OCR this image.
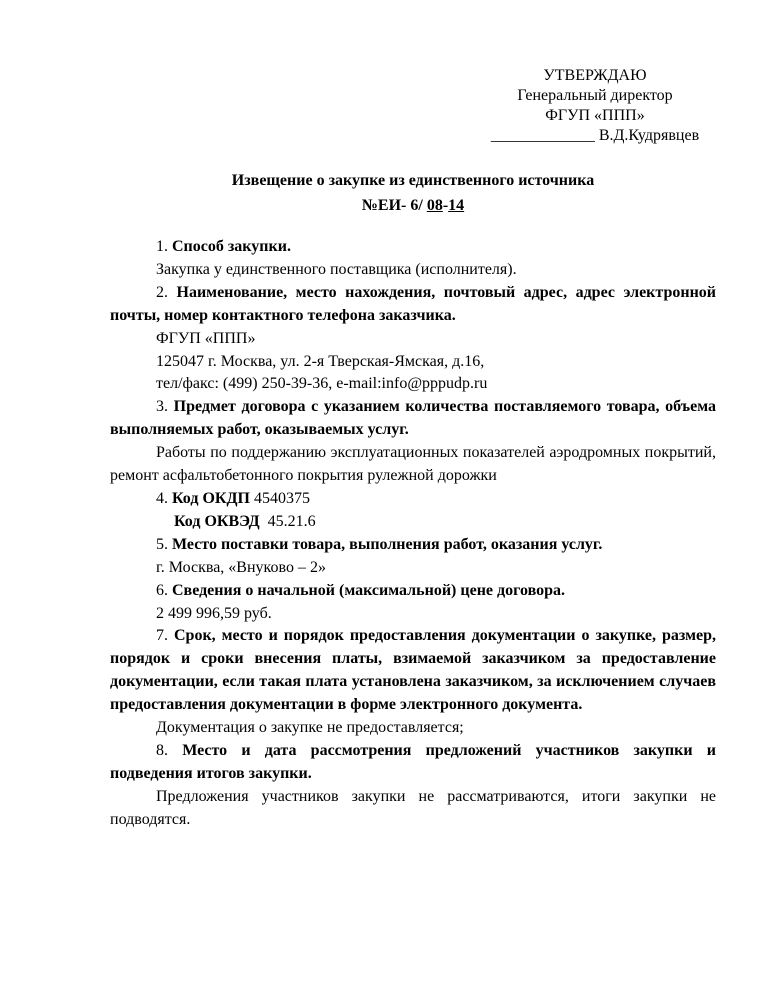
УТВЕРЖДАЮ
Генеральный директор
ФГУП «ППП»
_____________ В.Д.Кудрявцев
Извещение о закупке из единственного источника
№ЕИ- 6/ 08-14

1. Способ закупки.

Закупка у единственного поставщика (исполнителя).

2. Наименование, место нахождения, почтовый адрес, адрес электронной почты, номер контактного телефона заказчика.

ФГУП «ППП»

125047 г. Москва, ул. 2-я Тверская-Ямская, д.16,

тел/факс: (499) 250-39-36, e-mail:info@pppudp.ru

3. Предмет договора с указанием количества поставляемого товара, объема выполняемых работ, оказываемых услуг.

Работы по поддержанию эксплуатационных показателей аэродромных покрытий, ремонт асфальтобетонного покрытия рулежной дорожки

4. Код ОКДП 4540375

Код ОКВЭД  45.21.6

5. Место поставки товара, выполнения работ, оказания услуг.

г. Москва, «Внуково – 2»

6. Сведения о начальной (максимальной) цене договора.

2 499 996,59 руб.

7. Срок, место и порядок предоставления документации о закупке, размер, порядок и сроки внесения платы, взимаемой заказчиком за предоставление документации, если такая плата установлена заказчиком, за исключением случаев предоставления документации в форме электронного документа.

Документация о закупке не предоставляется;

8. Место и дата рассмотрения предложений участников закупки и подведения итогов закупки.

Предложения участников закупки не рассматриваются, итоги закупки не подводятся.
